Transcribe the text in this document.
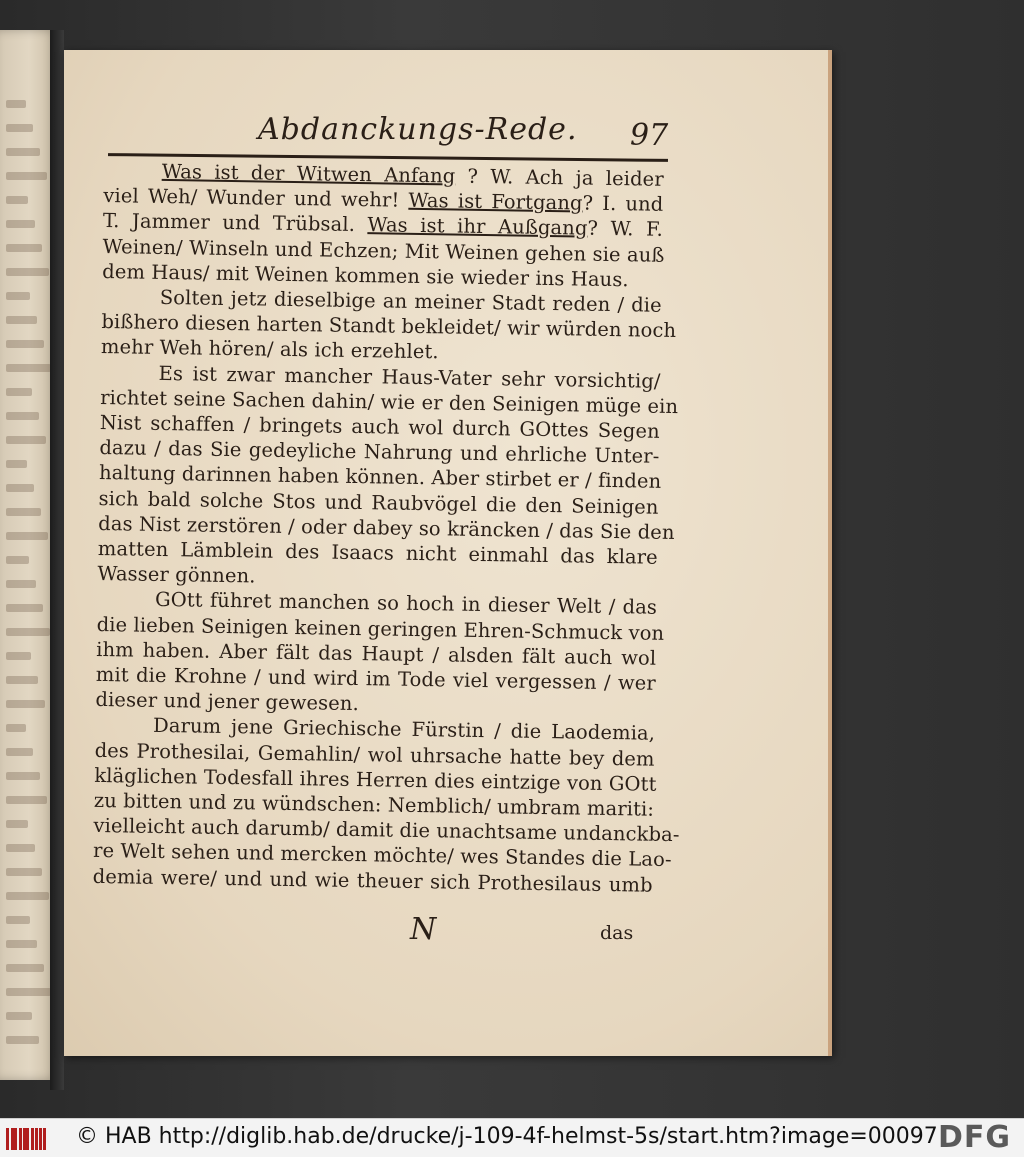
Abdanckungs-Rede. 97
Was ist der Witwen Anfang ? W. Ach ja leider
viel Weh/ Wunder und wehr! Was ist Fortgang? I. und
T. Jammer und Trübsal. Was ist ihr Außgang? W. F.
Weinen/ Winseln und Echzen; Mit Weinen gehen sie auß
dem Haus/ mit Weinen kommen sie wieder ins Haus.
Solten jetz dieselbige an meiner Stadt reden / die
bißhero diesen harten Standt bekleidet/ wir würden noch
mehr Weh hören/ als ich erzehlet.
Es ist zwar mancher Haus-Vater sehr vorsichtig/
richtet seine Sachen dahin/ wie er den Seinigen müge ein
Nist schaffen / bringets auch wol durch GOttes Segen
dazu / das Sie gedeyliche Nahrung und ehrliche Unter-
haltung darinnen haben können. Aber stirbet er / finden
sich bald solche Stos und Raubvögel die den Seinigen
das Nist zerstören / oder dabey so kräncken / das Sie den
matten Lämblein des Isaacs nicht einmahl das klare
Wasser gönnen.
GOtt führet manchen so hoch in dieser Welt / das
die lieben Seinigen keinen geringen Ehren-Schmuck von
ihm haben. Aber fält das Haupt / alsden fält auch wol
mit die Krohne / und wird im Tode viel vergessen / wer
dieser und jener gewesen.
Darum jene Griechische Fürstin / die Laodemia,
des Prothesilai, Gemahlin/ wol uhrsache hatte bey dem
kläglichen Todesfall ihres Herren dies eintzige von GOtt
zu bitten und zu wündschen: Nemblich/ umbram mariti:
vielleicht auch darumb/ damit die unachtsame undanckba-
re Welt sehen und mercken möchte/ wes Standes die Lao-
demia were/ und und wie theuer sich Prothesilaus umb
N	das
© HAB http://diglib.hab.de/drucke/j-109-4f-helmst-5s/start.htm?image=00097 DFG
